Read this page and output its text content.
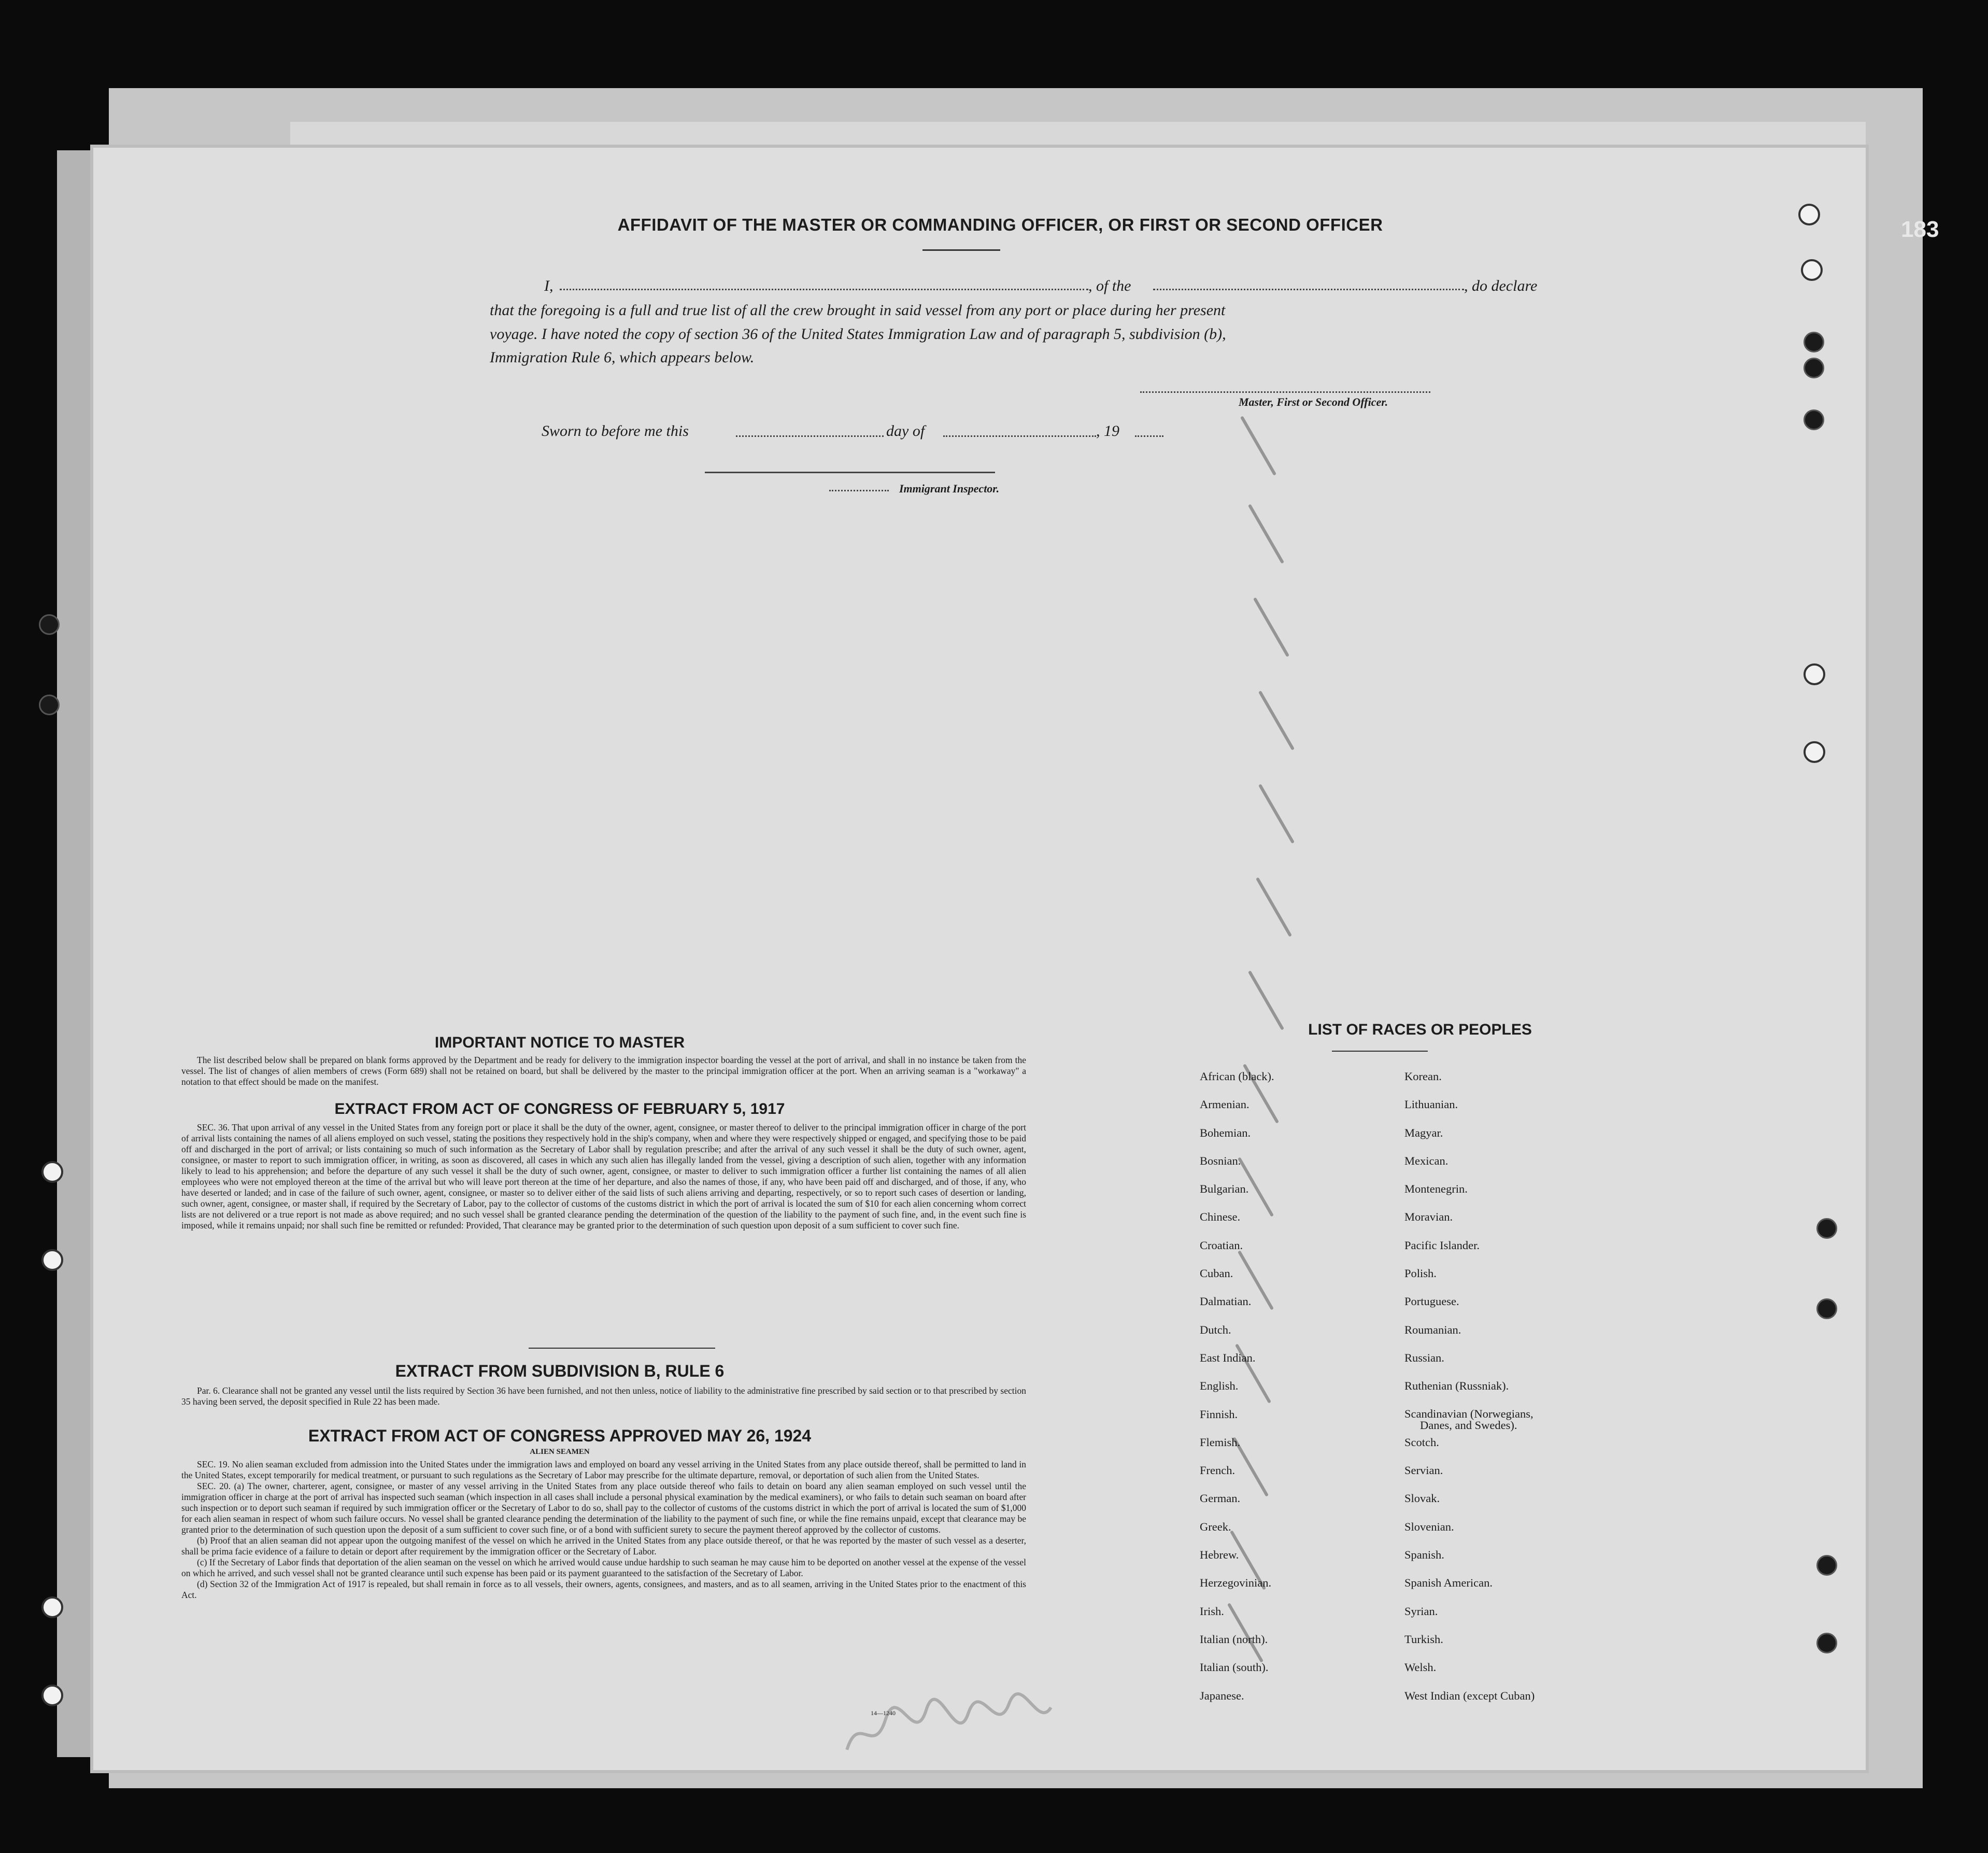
AFFIDAVIT OF THE MASTER OR COMMANDING OFFICER, OR FIRST OR SECOND OFFICER
I,	, of the	, do declare
that the foregoing is a full and true list of all the crew brought in said vessel from any port or place during her present
voyage. I have noted the copy of section 36 of the United States Immigration Law and of paragraph 5, subdivision (b),
Immigration Rule 6, which appears below.
Master, First or Second Officer.
Sworn to before me this	day of	, 19
Immigrant Inspector.
IMPORTANT NOTICE TO MASTER

The list described below shall be prepared on blank forms approved by the Department and be ready for delivery to the immigration inspector boarding the vessel at the port of arrival, and shall in no instance be taken from the vessel. The list of changes of alien members of crews (Form 689) shall not be retained on board, but shall be delivered by the master to the principal immigration officer at the port. When an arriving seaman is a "workaway" a notation to that effect should be made on the manifest.

EXTRACT FROM ACT OF CONGRESS OF FEBRUARY 5, 1917

SEC. 36. That upon arrival of any vessel in the United States from any foreign port or place it shall be the duty of the owner, agent, consignee, or master thereof to deliver to the principal immigration officer in charge of the port of arrival lists containing the names of all aliens employed on such vessel, stating the positions they respectively hold in the ship's company, when and where they were respectively shipped or engaged, and specifying those to be paid off and discharged in the port of arrival; or lists containing so much of such information as the Secretary of Labor shall by regulation prescribe; and after the arrival of any such vessel it shall be the duty of such owner, agent, consignee, or master to report to such immigration officer, in writing, as soon as discovered, all cases in which any such alien has illegally landed from the vessel, giving a description of such alien, together with any information likely to lead to his apprehension; and before the departure of any such vessel it shall be the duty of such owner, agent, consignee, or master to deliver to such immigration officer a further list containing the names of all alien employees who were not employed thereon at the time of the arrival but who will leave port thereon at the time of her departure, and also the names of those, if any, who have been paid off and discharged, and of those, if any, who have deserted or landed; and in case of the failure of such owner, agent, consignee, or master so to deliver either of the said lists of such aliens arriving and departing, respectively, or so to report such cases of desertion or landing, such owner, agent, consignee, or master shall, if required by the Secretary of Labor, pay to the collector of customs of the customs district in which the port of arrival is located the sum of $10 for each alien concerning whom correct lists are not delivered or a true report is not made as above required; and no such vessel shall be granted clearance pending the determination of the question of the liability to the payment of such fine, and, in the event such fine is imposed, while it remains unpaid; nor shall such fine be remitted or refunded: Provided, That clearance may be granted prior to the determination of such question upon deposit of a sum sufficient to cover such fine.

EXTRACT FROM SUBDIVISION B, RULE 6

Par. 6. Clearance shall not be granted any vessel until the lists required by Section 36 have been furnished, and not then unless, notice of liability to the administrative fine prescribed by said section or to that prescribed by section 35 having been served, the deposit specified in Rule 22 has been made.

EXTRACT FROM ACT OF CONGRESS APPROVED MAY 26, 1924
ALIEN SEAMEN

SEC. 19. No alien seaman excluded from admission into the United States under the immigration laws and employed on board any vessel arriving in the United States from any place outside thereof, shall be permitted to land in the United States, except temporarily for medical treatment, or pursuant to such regulations as the Secretary of Labor may prescribe for the ultimate departure, removal, or deportation of such alien from the United States.

SEC. 20. (a) The owner, charterer, agent, consignee, or master of any vessel arriving in the United States from any place outside thereof who fails to detain on board any alien seaman employed on such vessel until the immigration officer in charge at the port of arrival has inspected such seaman (which inspection in all cases shall include a personal physical examination by the medical examiners), or who fails to detain such seaman on board after such inspection or to deport such seaman if required by such immigration officer or the Secretary of Labor to do so, shall pay to the collector of customs of the customs district in which the port of arrival is located the sum of $1,000 for each alien seaman in respect of whom such failure occurs. No vessel shall be granted clearance pending the determination of the liability to the payment of such fine, or while the fine remains unpaid, except that clearance may be granted prior to the determination of such question upon the deposit of a sum sufficient to cover such fine, or of a bond with sufficient surety to secure the payment thereof approved by the collector of customs.

(b) Proof that an alien seaman did not appear upon the outgoing manifest of the vessel on which he arrived in the United States from any place outside thereof, or that he was reported by the master of such vessel as a deserter, shall be prima facie evidence of a failure to detain or deport after requirement by the immigration officer or the Secretary of Labor.

(c) If the Secretary of Labor finds that deportation of the alien seaman on the vessel on which he arrived would cause undue hardship to such seaman he may cause him to be deported on another vessel at the expense of the vessel on which he arrived, and such vessel shall not be granted clearance until such expense has been paid or its payment guaranteed to the satisfaction of the Secretary of Labor.

(d) Section 32 of the Immigration Act of 1917 is repealed, but shall remain in force as to all vessels, their owners, agents, consignees, and masters, and as to all seamen, arriving in the United States prior to the enactment of this Act.

14—1240
LIST OF RACES OR PEOPLES
African (black).
Armenian.
Bohemian.
Bosnian.
Bulgarian.
Chinese.
Croatian.
Cuban.
Dalmatian.
Dutch.
East Indian.
English.
Finnish.
Flemish.
French.
German.
Greek.
Hebrew.
Herzegovinian.
Irish.
Italian (north).
Italian (south).
Japanese.
Korean.
Lithuanian.
Magyar.
Mexican.
Montenegrin.
Moravian.
Pacific Islander.
Polish.
Portuguese.
Roumanian.
Russian.
Ruthenian (Russniak).
Scandinavian (Norwegians,
Danes, and Swedes).
Scotch.
Servian.
Slovak.
Slovenian.
Spanish.
Spanish American.
Syrian.
Turkish.
Welsh.
West Indian (except Cuban)
183
